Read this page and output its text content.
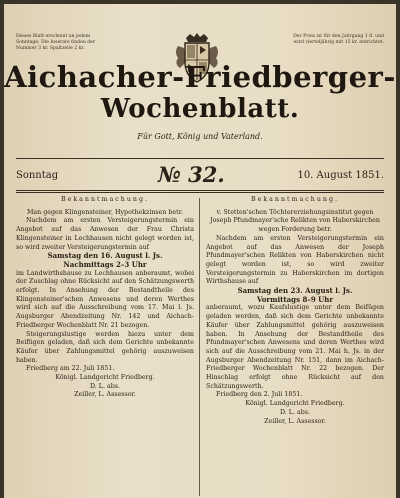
Dieses Blatt erscheint an jedem Sonntage. Die Inserate finden der Nummer 3 kr. Spaltzeile 2 kr.
Der Preis ist für den Jahrgang 1 fl. und wird vierteljährig mit 15 kr. entrichtet.
Aichacher-Friedberger-
Wochenblatt.
Für Gott, König und Vaterland.
Sonntag	№ 32.	10. August 1851.

Bekanntmachung.

Man gegen Klingensteiner, Hypothekzinsen betr.

Nachdem am ersten Versteigerungstermin ein Angebot auf das Anwesen der Frau Christa Klingensteiner in Lechhausen nicht gelegt worden ist, so wird zweiter Versteigerungstermin auf

Samstag den 16. August l. Js.

Nachmittags 2–3 Uhr

im Landwirthshause zu Lechhausen anberaumt, wobei der Zuschlag ohne Rücksicht auf den Schätzungswerth erfolgt. In Ansehung der Bestandtheile des Klingensteiner'schen Anwesens und deren Werthes wird sich auf die Ausschreibung vom 17. Mai l. Js. Augsburger Abendzeitung Nr. 142 und Aichach-Friedberger Wochenblatt Nr. 21 bezogen.

Steigerungslustige werden hiezu unter dem Beifügen geladen, daß sich dem Gerichte unbekannte Käufer über Zahlungsmittel gehörig auszuweisen haben.

Friedberg am 22. Juli 1851.

Königl. Landgericht Friedberg.

D. L. abs.

Zeiller, L. Assessor.

Bekanntmachung.

v. Stetten'schen Töchtererziehungsinstitut gegen

Joseph Pfundmayer'sche Relikten von Haberskirchen wegen Forderung betr.

Nachdem am ersten Versteigerungstermin ein Angebot auf das Anwesen der Joseph Pfundmayer'schen Relikten von Haberskirchen nicht gelegt worden ist, so wird zweiter Versteigerungstermin zu Haberskirchen im dortigen Wirthshause auf

Samstag den 23. August l. Js.

Vormittags 8–9 Uhr

anberaumt, wozu Kaufslustige unter dem Beifügen geladen werden, daß sich dem Gerichte unbekannte Käufer über Zahlungsmittel gehörig auszuweisen haben. In Ansehung der Bestandtheile des Pfundmayer'schen Anwesens und deren Werthes wird sich auf die Ausschreibung vom 21. Mai h. Js. in der Augsburger Abendzeitung Nr. 151, dann im Aichach-Friedberger Wochenblatt Nr. 22 bezogen. Der Hinschlag erfolgt ohne Rücksicht auf den Schätzungswerth.

Friedberg den 2. Juli 1851.

Königl. Landgericht Friedberg.

D. L. abs.

Zeiller, L. Assessor.
